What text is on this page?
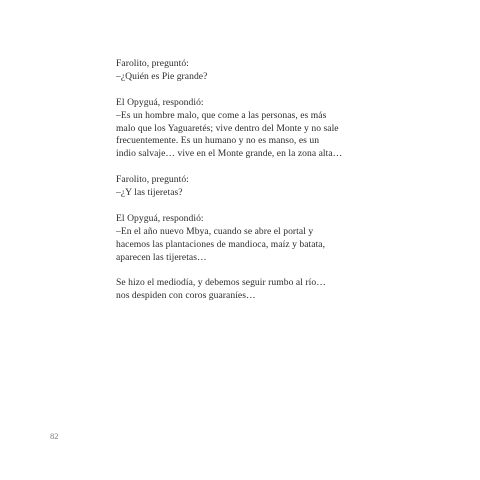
Farolito, preguntó:
–¿Quién es Pie grande?

El Opyguá, respondió:
–Es un hombre malo, que come a las personas, es más
malo que los Yaguaretés; vive dentro del Monte y no sale
frecuentemente. Es un humano y no es manso, es un
indio salvaje… vive en el Monte grande, en la zona alta…

Farolito, preguntó:
–¿Y las tijeretas?

El Opyguá, respondió:
–En el año nuevo Mbya, cuando se abre el portal y
hacemos las plantaciones de mandioca, maíz y batata,
aparecen las tijeretas…

Se hizo el mediodía, y debemos seguir rumbo al río…
nos despiden con coros guaraníes…

82
